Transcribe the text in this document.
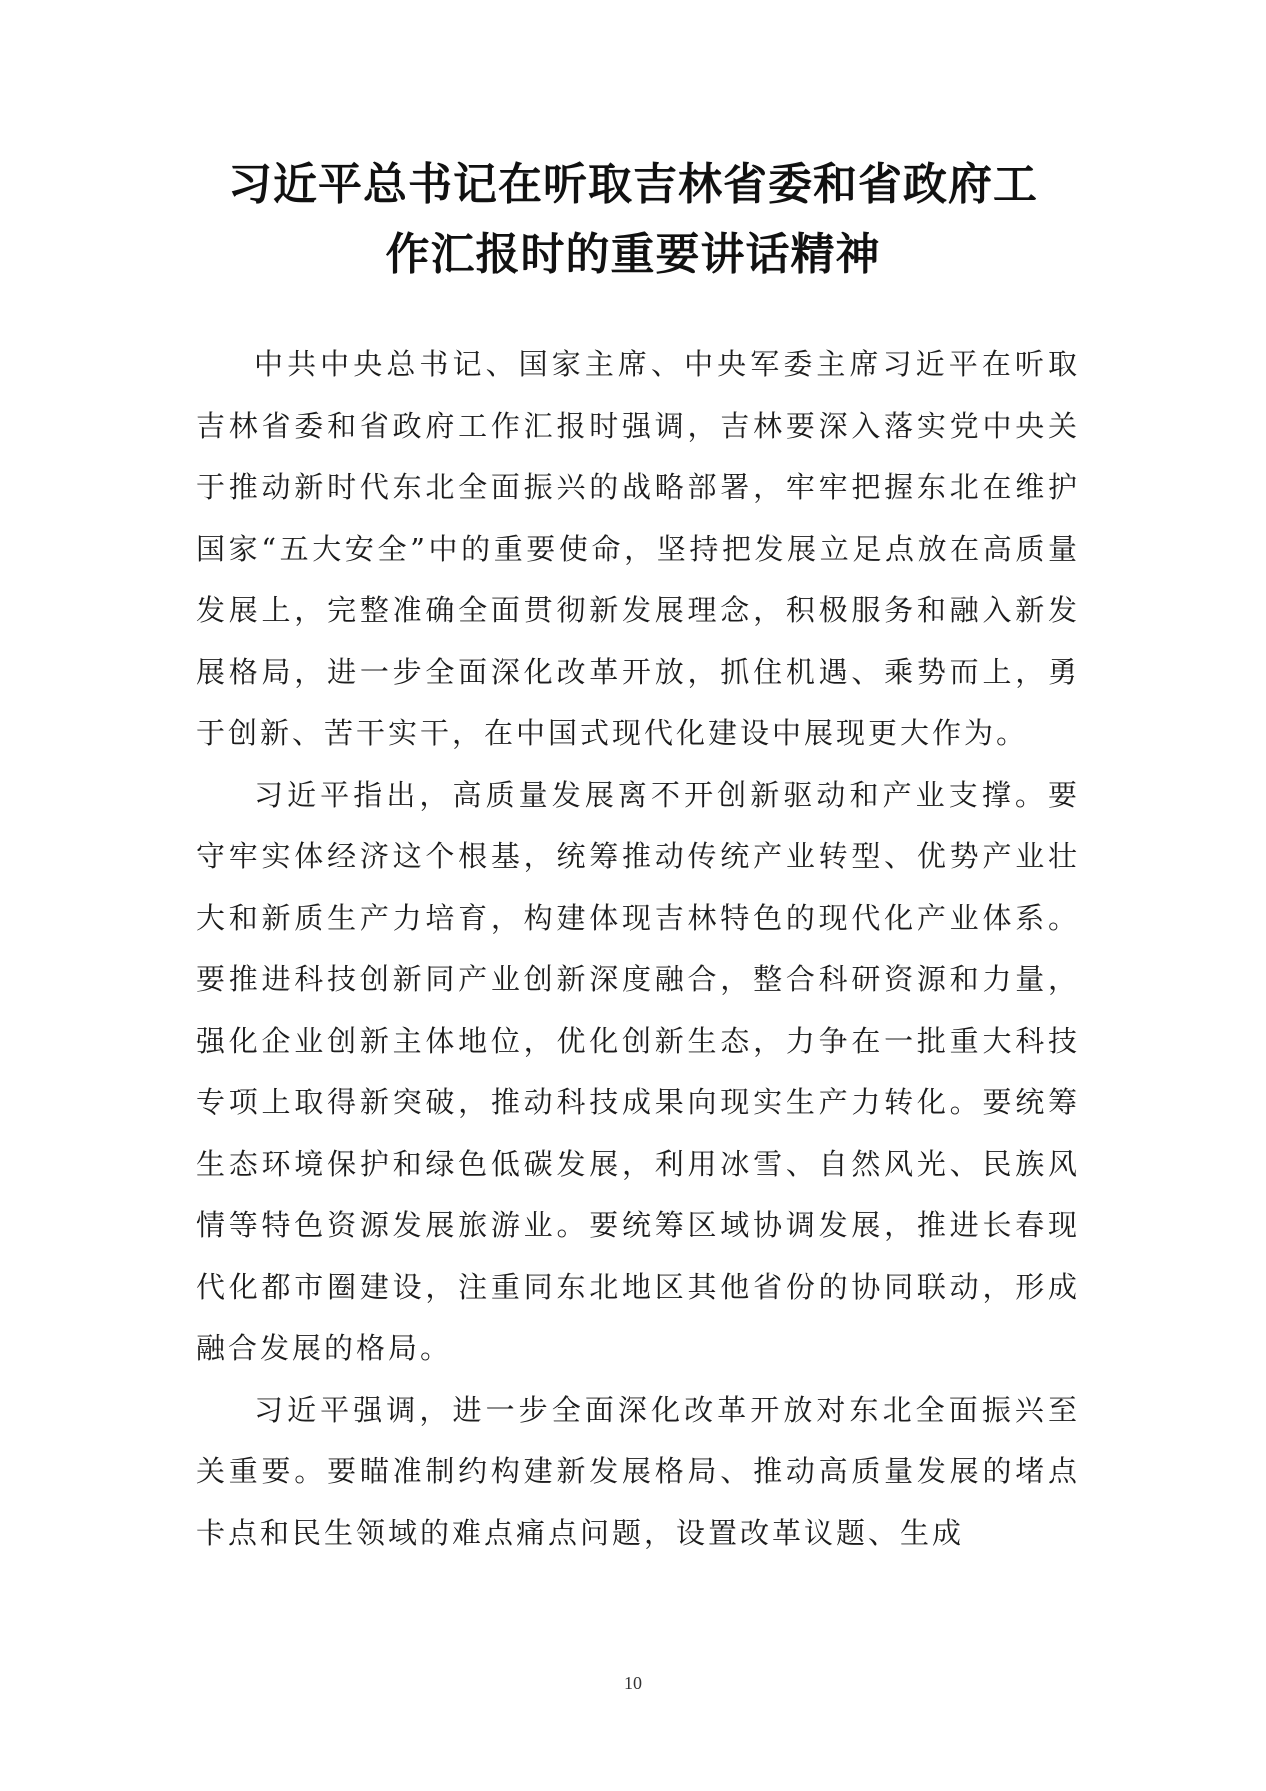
习近平总书记在听取吉林省委和省政府工
作汇报时的重要讲话精神

中共中央总书记、国家主席、中央军委主席习近平在听取吉林省委和省政府工作汇报时强调，吉林要深入落实党中央关于推动新时代东北全面振兴的战略部署，牢牢把握东北在维护国家“五大安全”中的重要使命，坚持把发展立足点放在高质量发展上，完整准确全面贯彻新发展理念，积极服务和融入新发展格局，进一步全面深化改革开放，抓住机遇、乘势而上，勇于创新、苦干实干，在中国式现代化建设中展现更大作为。

习近平指出，高质量发展离不开创新驱动和产业支撑。要守牢实体经济这个根基，统筹推动传统产业转型、优势产业壮大和新质生产力培育，构建体现吉林特色的现代化产业体系。要推进科技创新同产业创新深度融合，整合科研资源和力量，强化企业创新主体地位，优化创新生态，力争在一批重大科技专项上取得新突破，推动科技成果向现实生产力转化。要统筹生态环境保护和绿色低碳发展，利用冰雪、自然风光、民族风情等特色资源发展旅游业。要统筹区域协调发展，推进长春现代化都市圈建设，注重同东北地区其他省份的协同联动，形成融合发展的格局。

习近平强调，进一步全面深化改革开放对东北全面振兴至关重要。要瞄准制约构建新发展格局、推动高质量发展的堵点卡点和民生领域的难点痛点问题，设置改革议题、生成

10
